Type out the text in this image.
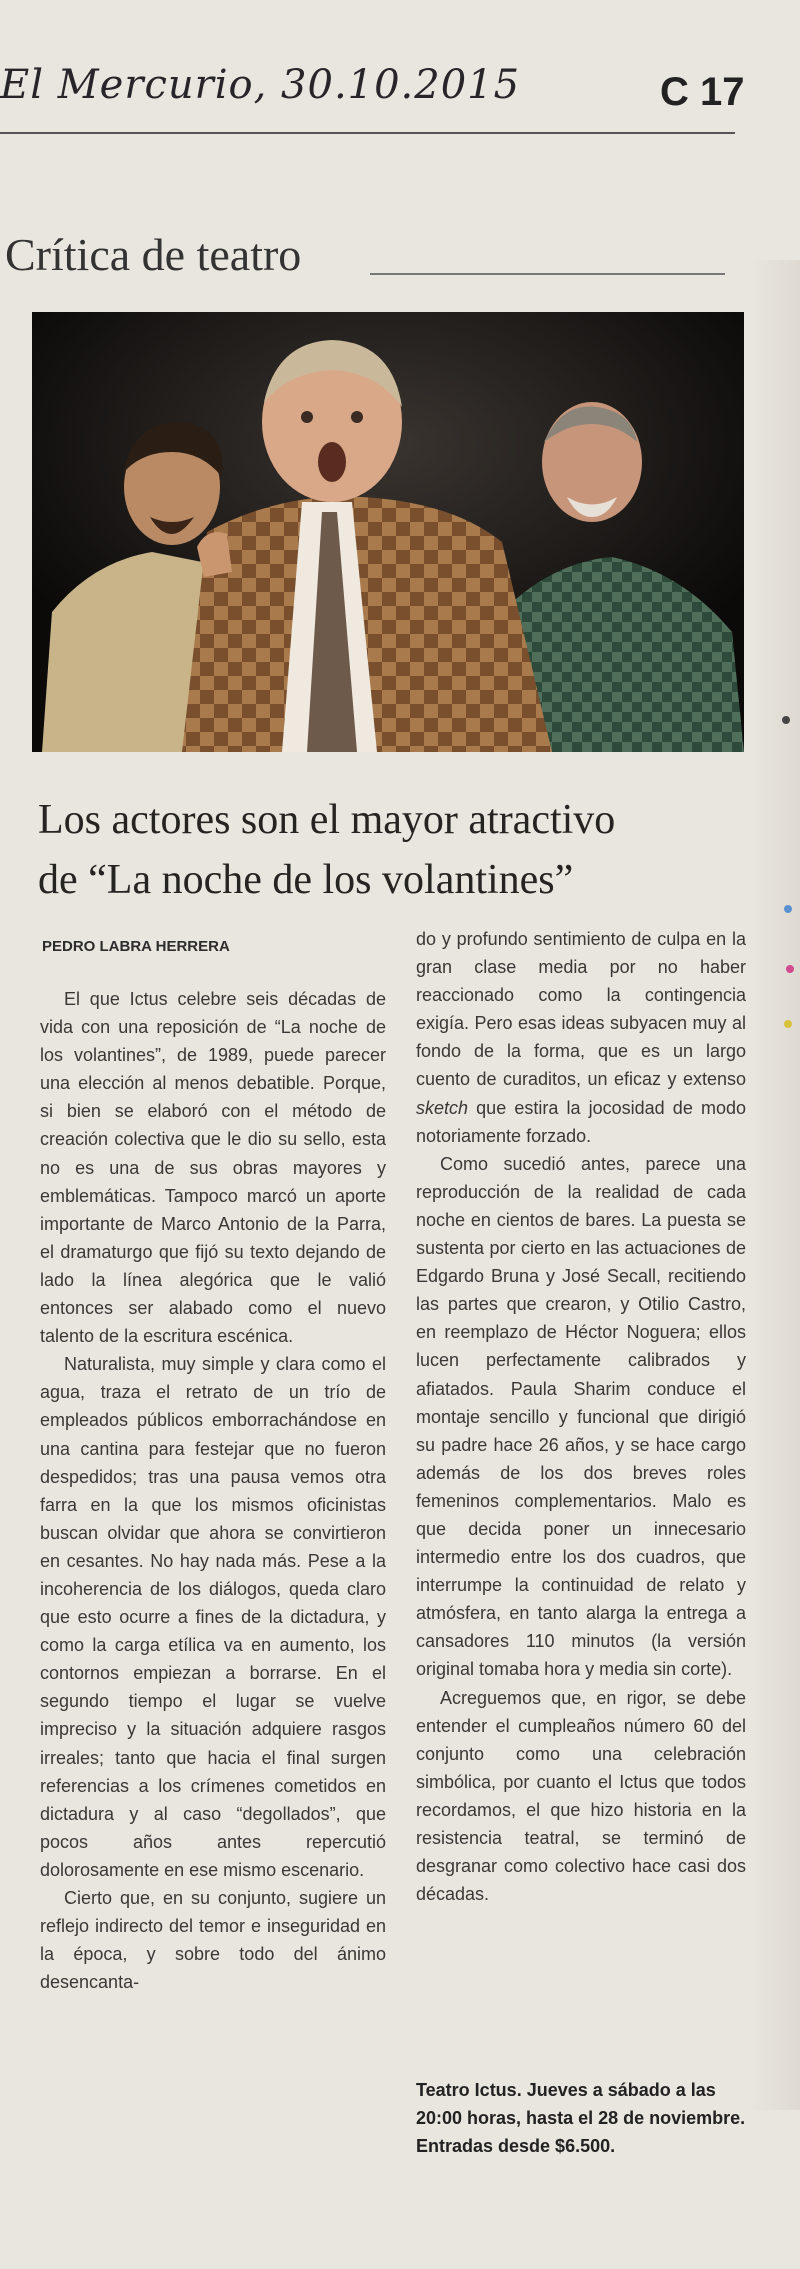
El Mercurio, 30.10.2015	C 17
Crítica de teatro
Los actores son el mayor atractivo
de “La noche de los volantines”
PEDRO LABRA HERRERA

El que Ictus celebre seis décadas de vida con una reposición de “La noche de los volantines”, de 1989, puede parecer una elección al menos debatible. Porque, si bien se elaboró con el método de creación colectiva que le dio su sello, esta no es una de sus obras mayores y emblemáticas. Tampoco marcó un aporte importante de Marco Antonio de la Parra, el dramaturgo que fijó su texto dejando de lado la línea alegórica que le valió entonces ser alabado como el nuevo talento de la escritura escénica.

Naturalista, muy simple y clara como el agua, traza el retrato de un trío de empleados públicos emborrachándose en una cantina para festejar que no fueron despedidos; tras una pausa vemos otra farra en la que los mismos oficinistas buscan olvidar que ahora se convirtieron en cesantes. No hay nada más. Pese a la incoherencia de los diálogos, queda claro que esto ocurre a fines de la dictadura, y como la carga etílica va en aumento, los contornos empiezan a borrarse. En el segundo tiempo el lugar se vuelve impreciso y la situación adquiere rasgos irreales; tanto que hacia el final surgen referencias a los crímenes cometidos en dictadura y al caso “degollados”, que pocos años antes repercutió dolorosamente en ese mismo escenario.

Cierto que, en su conjunto, sugiere un reflejo indirecto del temor e inseguridad en la época, y sobre todo del ánimo desencanta-

do y profundo sentimiento de culpa en la gran clase media por no haber reaccionado como la contingencia exigía. Pero esas ideas subyacen muy al fondo de la forma, que es un largo cuento de curaditos, un eficaz y extenso sketch que estira la jocosidad de modo notoriamente forzado.

Como sucedió antes, parece una reproducción de la realidad de cada noche en cientos de bares. La puesta se sustenta por cierto en las actuaciones de Edgardo Bruna y José Secall, recitiendo las partes que crearon, y Otilio Castro, en reemplazo de Héctor Noguera; ellos lucen perfectamente calibrados y afiatados. Paula Sharim conduce el montaje sencillo y funcional que dirigió su padre hace 26 años, y se hace cargo además de los dos breves roles femeninos complementarios. Malo es que decida poner un innecesario intermedio entre los dos cuadros, que interrumpe la continuidad de relato y atmósfera, en tanto alarga la entrega a cansadores 110 minutos (la versión original tomaba hora y media sin corte).

Acreguemos que, en rigor, se debe entender el cumpleaños número 60 del conjunto como una celebración simbólica, por cuanto el Ictus que todos recordamos, el que hizo historia en la resistencia teatral, se terminó de desgranar como colectivo hace casi dos décadas.

Teatro Ictus. Jueves a sábado a las 20:00 horas, hasta el 28 de noviembre. Entradas desde $6.500.
